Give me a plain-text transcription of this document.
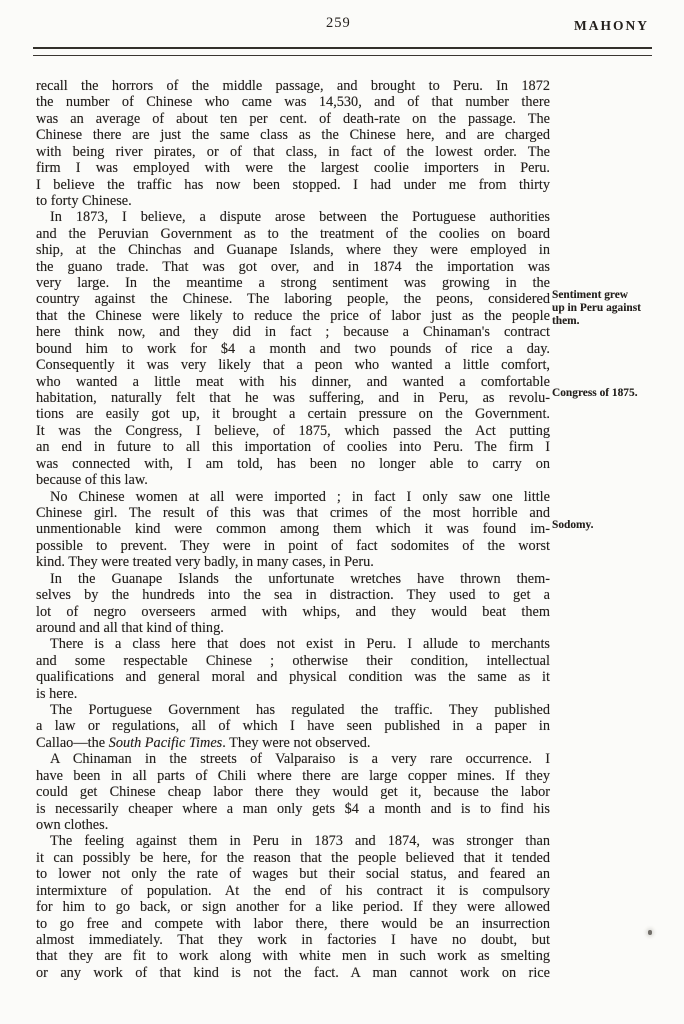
259	MAHONY
recall the horrors of the middle passage, and brought to Peru. In 1872
the number of Chinese who came was 14,530, and of that number there
was an average of about ten per cent. of death-rate on the passage. The
Chinese there are just the same class as the Chinese here, and are charged
with being river pirates, or of that class, in fact of the lowest order. The
firm I was employed with were the largest coolie importers in Peru.
I believe the traffic has now been stopped. I had under me from thirty
to forty Chinese.
In 1873, I believe, a dispute arose between the Portuguese authorities
and the Peruvian Government as to the treatment of the coolies on board
ship, at the Chinchas and Guanape Islands, where they were employed in
the guano trade. That was got over, and in 1874 the importation was
very large. In the meantime a strong sentiment was growing in the
country against the Chinese. The laboring people, the peons, considered
that the Chinese were likely to reduce the price of labor just as the people
here think now, and they did in fact ; because a Chinaman's contract
bound him to work for $4 a month and two pounds of rice a day.
Consequently it was very likely that a peon who wanted a little comfort,
who wanted a little meat with his dinner, and wanted a comfortable
habitation, naturally felt that he was suffering, and in Peru, as revolu-
tions are easily got up, it brought a certain pressure on the Government.
It was the Congress, I believe, of 1875, which passed the Act putting
an end in future to all this importation of coolies into Peru. The firm I
was connected with, I am told, has been no longer able to carry on
because of this law.
No Chinese women at all were imported ; in fact I only saw one little
Chinese girl. The result of this was that crimes of the most horrible and
unmentionable kind were common among them which it was found im-
possible to prevent. They were in point of fact sodomites of the worst
kind. They were treated very badly, in many cases, in Peru.
In the Guanape Islands the unfortunate wretches have thrown them-
selves by the hundreds into the sea in distraction. They used to get a
lot of negro overseers armed with whips, and they would beat them
around and all that kind of thing.
There is a class here that does not exist in Peru. I allude to merchants
and some respectable Chinese ; otherwise their condition, intellectual
qualifications and general moral and physical condition was the same as it
is here.
The Portuguese Government has regulated the traffic. They published
a law or regulations, all of which I have seen published in a paper in
Callao—the South Pacific Times. They were not observed.
A Chinaman in the streets of Valparaiso is a very rare occurrence. I
have been in all parts of Chili where there are large copper mines. If they
could get Chinese cheap labor there they would get it, because the labor
is necessarily cheaper where a man only gets $4 a month and is to find his
own clothes.
The feeling against them in Peru in 1873 and 1874, was stronger than
it can possibly be here, for the reason that the people believed that it tended
to lower not only the rate of wages but their social status, and feared an
intermixture of population. At the end of his contract it is compulsory
for him to go back, or sign another for a like period. If they were allowed
to go free and compete with labor there, there would be an insurrection
almost immediately. That they work in factories I have no doubt, but
that they are fit to work along with white men in such work as smelting
or any work of that kind is not the fact. A man cannot work on rice
Sentiment grew
up in Peru against
them.
Congress of 1875.
Sodomy.
